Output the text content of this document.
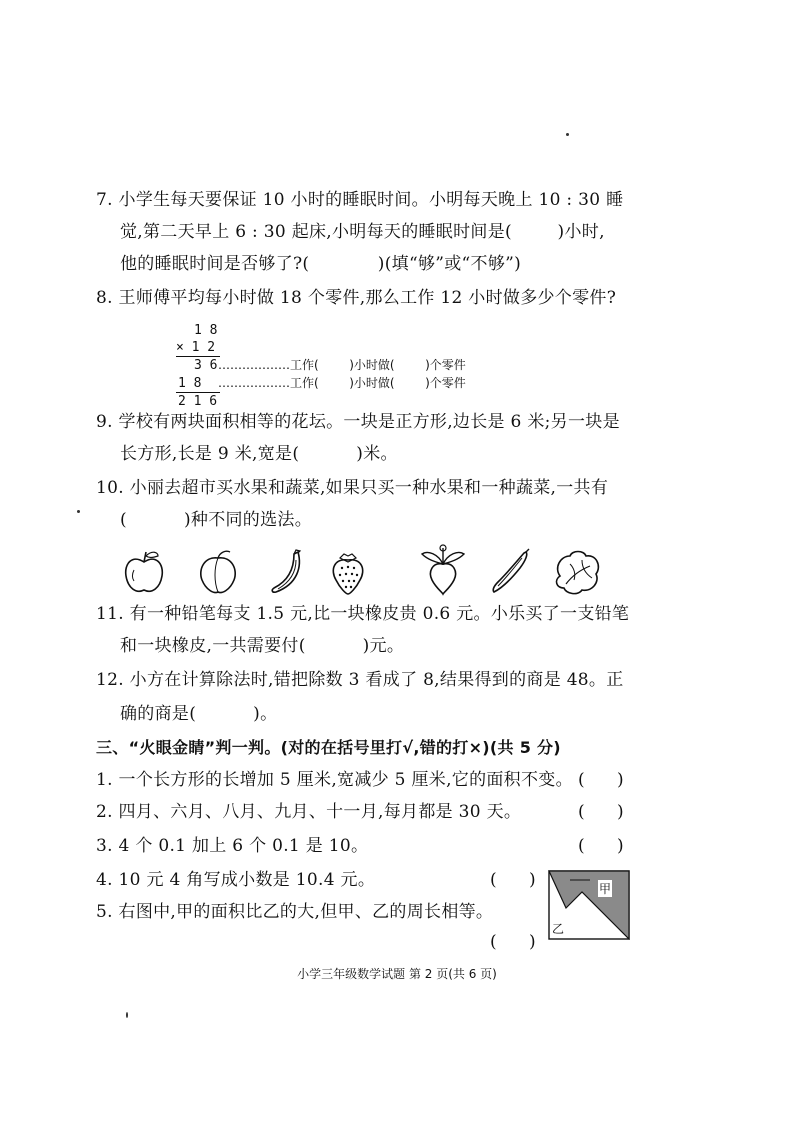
7. 小学生每天要保证 10 小时的睡眠时间。小明每天晚上 10 : 30 睡
觉,第二天早上 6 : 30 起床,小明每天的睡眠时间是(        )小时,
他的睡眠时间是否够了?(            )(填“够”或“不够”)
8. 王师傅平均每小时做 18 个零件,那么工作 12 小时做多少个零件?
1 8
× 1 2
3 6 ………………工作(        )小时做(        )个零件
1 8 ………………工作(        )小时做(        )个零件
2 1 6
9. 学校有两块面积相等的花坛。一块是正方形,边长是 6 米;另一块是
长方形,长是 9 米,宽是(          )米。
10. 小丽去超市买水果和蔬菜,如果只买一种水果和一种蔬菜,一共有
(          )种不同的选法。
11. 有一种铅笔每支 1.5 元,比一块橡皮贵 0.6 元。小乐买了一支铅笔
和一块橡皮,一共需要付(          )元。
12. 小方在计算除法时,错把除数 3 看成了 8,结果得到的商是 48。正
确的商是(          )。
三、“火眼金睛”判一判。(对的在括号里打√,错的打×)(共 5 分)
1. 一个长方形的长增加 5 厘米,宽减少 5 厘米,它的面积不变。 (      )
2. 四月、六月、八月、九月、十一月,每月都是 30 天。	(      )
3. 4 个 0.1 加上 6 个 0.1 是 10。	(      )
4. 10 元 4 角写成小数是 10.4 元。	(      )
5. 右图中,甲的面积比乙的大,但甲、乙的周长相等。
(      )
甲
乙
小学三年级数学试题 第 2 页(共 6 页)
